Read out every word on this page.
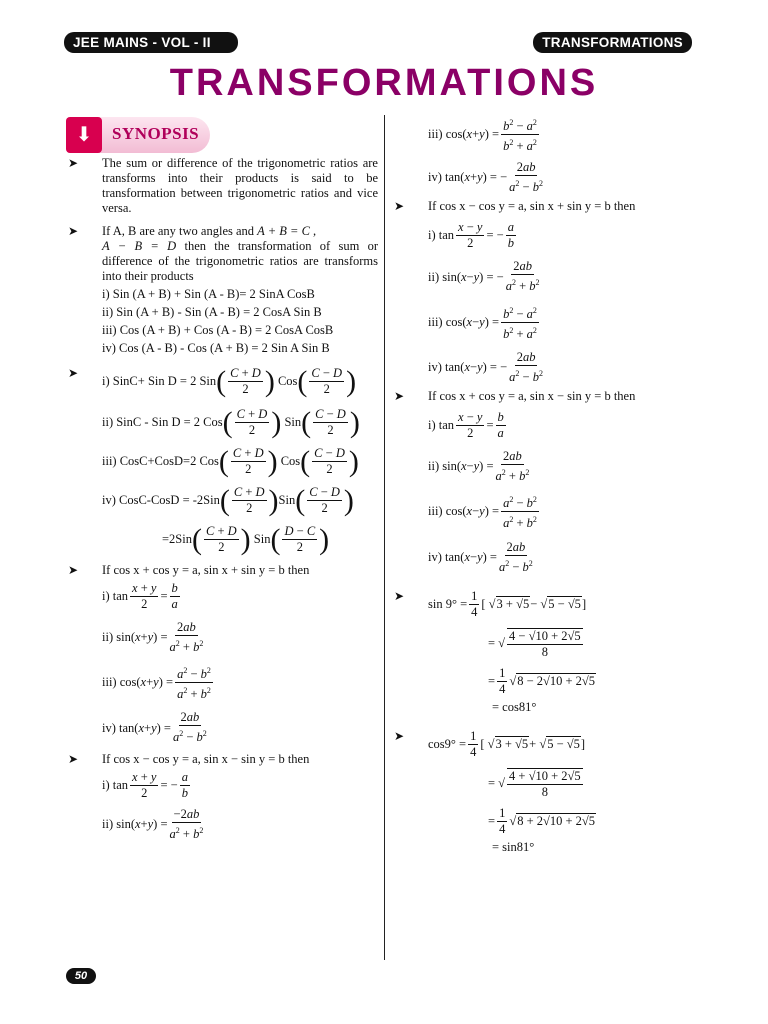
JEE MAINS - VOL - II	TRANSFORMATIONS
TRANSFORMATIONS
⬇	SYNOPSIS
➤ The sum or difference of the trigonometric ratios are transforms into their products is said to be transformation between trigonometric ratios and vice versa.
➤ If A, B are any two angles and A + B = C ,
A − B = D then the transformation of sum or difference of the trigonometric ratios are transforms into their products
i) Sin (A + B) + Sin (A - B)= 2 SinA CosB
ii) Sin (A + B) - Sin (A - B) = 2 CosA Sin B
iii) Cos (A + B) + Cos (A - B) = 2 CosA CosB
iv) Cos (A - B) - Cos (A + B) = 2 Sin A Sin B
➤ i) SinC+ Sin D = 2 Sin ( $\frac{C + D}{2}$
) Cos ( $\frac{C - D}{2}$
)
ii) SinC - Sin D = 2 Cos ( $\frac{C + D}{2}$
) Sin ( $\frac{C - D}{2}$
)
iii) CosC+CosD=2 Cos ( $\frac{C + D}{2}$
) Cos ( $\frac{C - D}{2}$
)
iv) CosC-CosD = -2Sin ( $\frac{C + D}{2}$
) Sin ( $\frac{C - D}{2}$
)
=2Sin ( $\frac{C + D}{2}$
) Sin ( $\frac{D - C}{2}$
)
➤ If cos x + cos y = a, sin x + sin y = b then
i) $\tan \frac{x + y}{2} = \frac{b}{a}$
ii) sin( x + y ) = $\frac{2ab}{a^2 + b^2}$
iii) cos( x + y ) = $\frac{a^2 - b^2}{a^2 + b^2}$
iv) tan( x + y ) = $\frac{2ab}{a^2 - b^2}$
➤ If cos x − cos y = a, sin x − sin y = b then
i) $\tan \frac{x + y}{2}$ = − $\frac{a}{b}$
ii) sin( x + y ) = $\frac{-2ab}{a^2 + b^2}$
iii) cos( x + y ) = $\frac{b^2 - a^2}{b^2 + a^2}$
iv) tan( x + y ) = − $\frac{2ab}{a^2 - b^2}$
➤ If cos x − cos y = a, sin x + sin y = b then
i) $\tan \frac{x - y}{2}$ = − $\frac{a}{b}$
ii) sin( x − y ) = − $\frac{2ab}{a^2 + b^2}$
iii) cos( x − y ) = $\frac{b^2 - a^2}{b^2 + a^2}$
iv) tan( x − y ) = − $\frac{2ab}{a^2 - b^2}$
➤ If cos x + cos y = a, sin x − sin y = b then
i) $\tan \frac{x - y}{2} = \frac{b}{a}$
ii) sin( x − y ) = $\frac{2ab}{a^2 + b^2}$
iii) cos( x − y ) = $\frac{a^2 - b^2}{a^2 + b^2}$
iv) tan( x − y ) = $\frac{2ab}{a^2 - b^2}$
➤ $\sin 9^\circ = \frac{1}{4}$ [ √ 3 + √5 − √ 5 − √5 ]
= √ $\frac{4 - √10 + 2√5}{8}$
= $\frac{1}{4}$ √ 8 − 2√10 + 2√5
= cos81°
➤ $\cos 9^\circ = \frac{1}{4}$ [ √ 3 + √5 + √ 5 − √5 ]
= √ $\frac{4 + √10 + 2√5}{8}$
= $\frac{1}{4}$ √ 8 + 2√10 + 2√5
= sin81°
50
